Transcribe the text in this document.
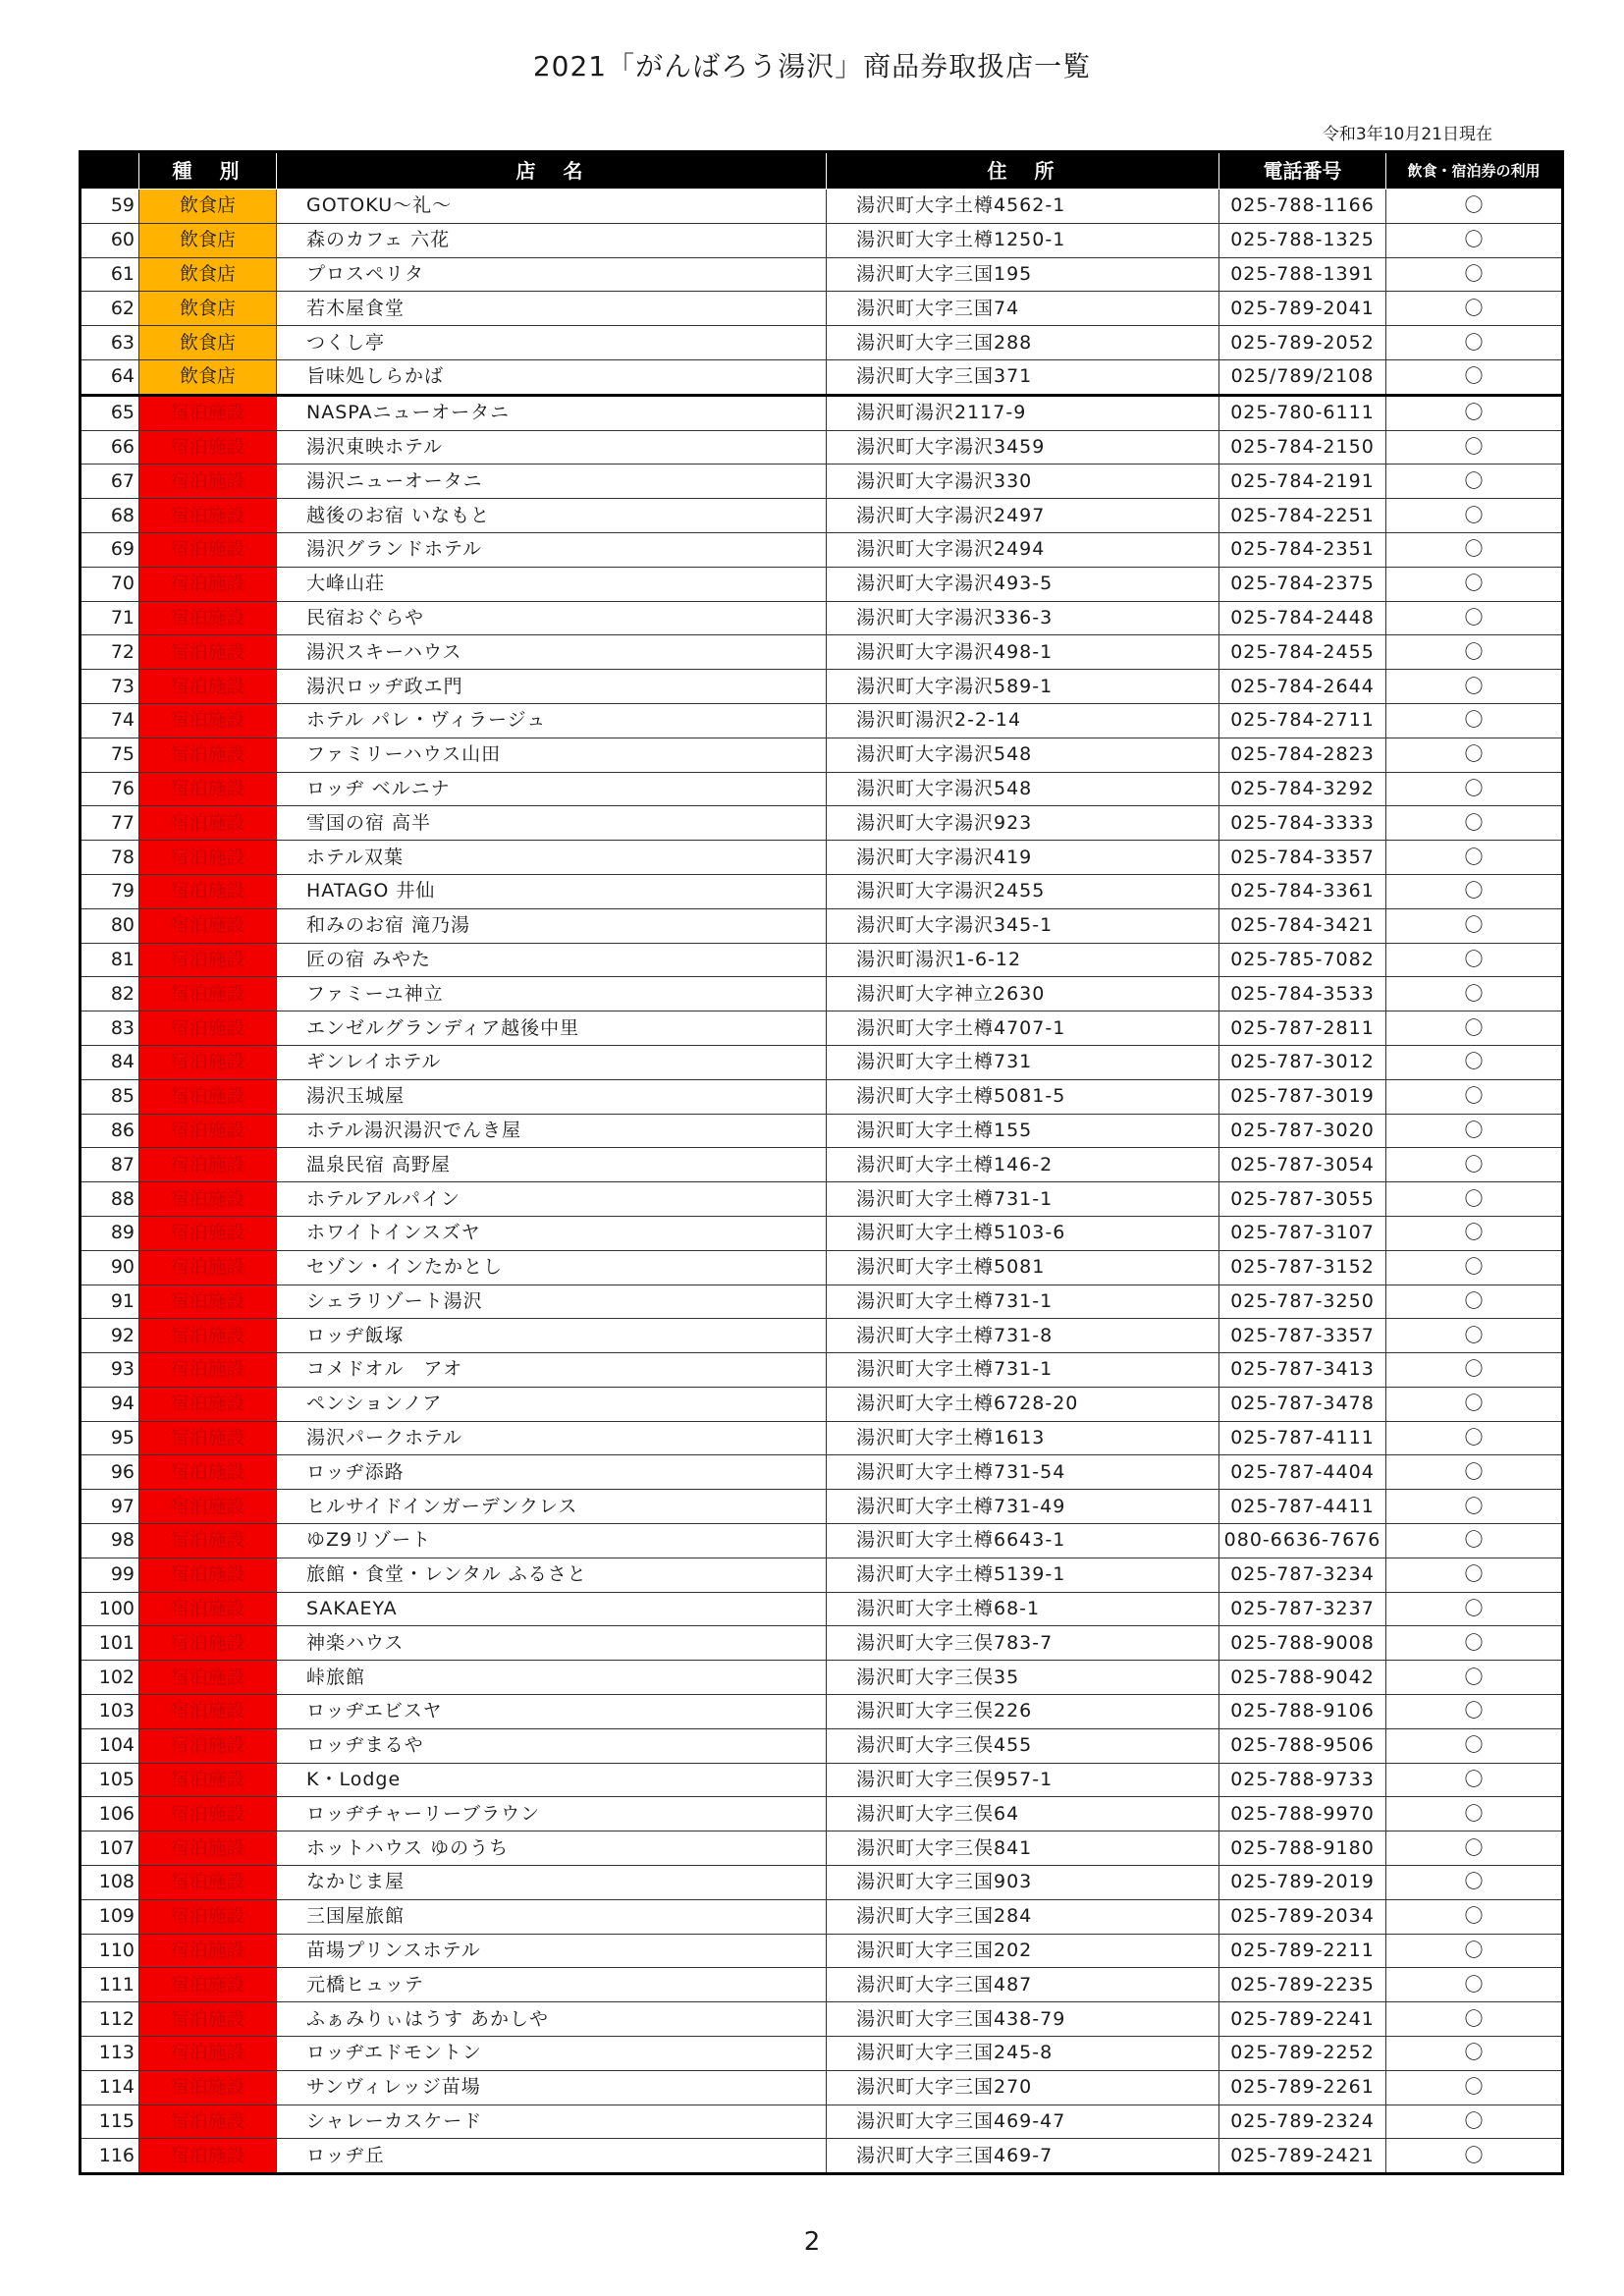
2021「がんばろう湯沢」商品券取扱店一覧
令和3年10月21日現在
	種　別	店　名	住　所	電話番号	飲食・宿泊券の利用
59	飲食店	GOTOKU～礼～	湯沢町大字土樽4562-1	025-788-1166	〇
60	飲食店	森のカフェ 六花	湯沢町大字土樽1250-1	025-788-1325	〇
61	飲食店	プロスペリタ	湯沢町大字三国195	025-788-1391	〇
62	飲食店	若木屋食堂	湯沢町大字三国74	025-789-2041	〇
63	飲食店	つくし亭	湯沢町大字三国288	025-789-2052	〇
64	飲食店	旨味処しらかば	湯沢町大字三国371	025/789/2108	〇
65	宿泊施設	NASPAニューオータニ	湯沢町湯沢2117-9	025-780-6111	〇
66	宿泊施設	湯沢東映ホテル	湯沢町大字湯沢3459	025-784-2150	〇
67	宿泊施設	湯沢ニューオータニ	湯沢町大字湯沢330	025-784-2191	〇
68	宿泊施設	越後のお宿 いなもと	湯沢町大字湯沢2497	025-784-2251	〇
69	宿泊施設	湯沢グランドホテル	湯沢町大字湯沢2494	025-784-2351	〇
70	宿泊施設	大峰山荘	湯沢町大字湯沢493-5	025-784-2375	〇
71	宿泊施設	民宿おぐらや	湯沢町大字湯沢336-3	025-784-2448	〇
72	宿泊施設	湯沢スキーハウス	湯沢町大字湯沢498-1	025-784-2455	〇
73	宿泊施設	湯沢ロッヂ政エ門	湯沢町大字湯沢589-1	025-784-2644	〇
74	宿泊施設	ホテル パレ・ヴィラージュ	湯沢町湯沢2-2-14	025-784-2711	〇
75	宿泊施設	ファミリーハウス山田	湯沢町大字湯沢548	025-784-2823	〇
76	宿泊施設	ロッヂ ベルニナ	湯沢町大字湯沢548	025-784-3292	〇
77	宿泊施設	雪国の宿 高半	湯沢町大字湯沢923	025-784-3333	〇
78	宿泊施設	ホテル双葉	湯沢町大字湯沢419	025-784-3357	〇
79	宿泊施設	HATAGO 井仙	湯沢町大字湯沢2455	025-784-3361	〇
80	宿泊施設	和みのお宿 滝乃湯	湯沢町大字湯沢345-1	025-784-3421	〇
81	宿泊施設	匠の宿 みやた	湯沢町湯沢1-6-12	025-785-7082	〇
82	宿泊施設	ファミーユ神立	湯沢町大字神立2630	025-784-3533	〇
83	宿泊施設	エンゼルグランディア越後中里	湯沢町大字土樽4707-1	025-787-2811	〇
84	宿泊施設	ギンレイホテル	湯沢町大字土樽731	025-787-3012	〇
85	宿泊施設	湯沢玉城屋	湯沢町大字土樽5081-5	025-787-3019	〇
86	宿泊施設	ホテル湯沢湯沢でんき屋	湯沢町大字土樽155	025-787-3020	〇
87	宿泊施設	温泉民宿 高野屋	湯沢町大字土樽146-2	025-787-3054	〇
88	宿泊施設	ホテルアルパイン	湯沢町大字土樽731-1	025-787-3055	〇
89	宿泊施設	ホワイトインスズヤ	湯沢町大字土樽5103-6	025-787-3107	〇
90	宿泊施設	セゾン・インたかとし	湯沢町大字土樽5081	025-787-3152	〇
91	宿泊施設	シェラリゾート湯沢	湯沢町大字土樽731-1	025-787-3250	〇
92	宿泊施設	ロッヂ飯塚	湯沢町大字土樽731-8	025-787-3357	〇
93	宿泊施設	コメドオル　アオ	湯沢町大字土樽731-1	025-787-3413	〇
94	宿泊施設	ペンションノア	湯沢町大字土樽6728-20	025-787-3478	〇
95	宿泊施設	湯沢パークホテル	湯沢町大字土樽1613	025-787-4111	〇
96	宿泊施設	ロッヂ添路	湯沢町大字土樽731-54	025-787-4404	〇
97	宿泊施設	ヒルサイドインガーデンクレス	湯沢町大字土樽731-49	025-787-4411	〇
98	宿泊施設	ゆZ9リゾート	湯沢町大字土樽6643-1	080-6636-7676	〇
99	宿泊施設	旅館・食堂・レンタル ふるさと	湯沢町大字土樽5139-1	025-787-3234	〇
100	宿泊施設	SAKAEYA	湯沢町大字土樽68-1	025-787-3237	〇
101	宿泊施設	神楽ハウス	湯沢町大字三俣783-7	025-788-9008	〇
102	宿泊施設	峠旅館	湯沢町大字三俣35	025-788-9042	〇
103	宿泊施設	ロッヂエビスヤ	湯沢町大字三俣226	025-788-9106	〇
104	宿泊施設	ロッヂまるや	湯沢町大字三俣455	025-788-9506	〇
105	宿泊施設	K・Lodge	湯沢町大字三俣957-1	025-788-9733	〇
106	宿泊施設	ロッヂチャーリーブラウン	湯沢町大字三俣64	025-788-9970	〇
107	宿泊施設	ホットハウス ゆのうち	湯沢町大字三俣841	025-788-9180	〇
108	宿泊施設	なかじま屋	湯沢町大字三国903	025-789-2019	〇
109	宿泊施設	三国屋旅館	湯沢町大字三国284	025-789-2034	〇
110	宿泊施設	苗場プリンスホテル	湯沢町大字三国202	025-789-2211	〇
111	宿泊施設	元橋ヒュッテ	湯沢町大字三国487	025-789-2235	〇
112	宿泊施設	ふぁみりぃはうす あかしや	湯沢町大字三国438-79	025-789-2241	〇
113	宿泊施設	ロッヂエドモントン	湯沢町大字三国245-8	025-789-2252	〇
114	宿泊施設	サンヴィレッジ苗場	湯沢町大字三国270	025-789-2261	〇
115	宿泊施設	シャレーカスケード	湯沢町大字三国469-47	025-789-2324	〇
116	宿泊施設	ロッヂ丘	湯沢町大字三国469-7	025-789-2421	〇
2
